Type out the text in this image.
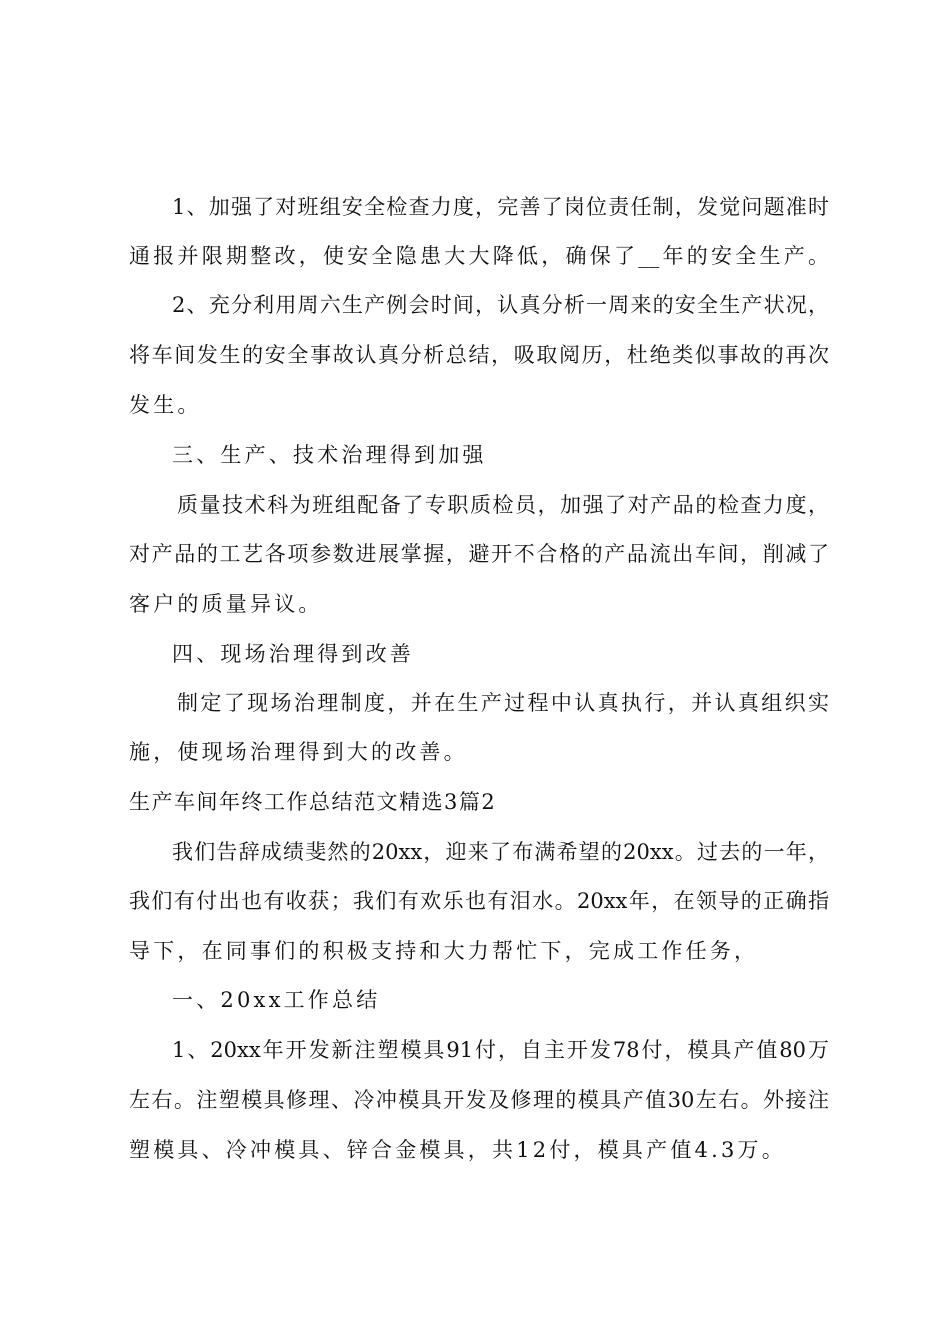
1、加强了对班组安全检查力度，完善了岗位责任制，发觉问题准时
通报并限期整改，使安全隐患大大降低，确保了__年的安全生产。
2、充分利用周六生产例会时间，认真分析一周来的安全生产状况，
将车间发生的安全事故认真分析总结，吸取阅历，杜绝类似事故的再次
发生。
三、生产、技术治理得到加强
质量技术科为班组配备了专职质检员，加强了对产品的检查力度，
对产品的工艺各项参数进展掌握，避开不合格的产品流出车间，削减了
客户的质量异议。
四、现场治理得到改善
制定了现场治理制度，并在生产过程中认真执行，并认真组织实
施，使现场治理得到大的改善。
生产车间年终工作总结范文精选3篇2
我们告辞成绩斐然的20xx，迎来了布满希望的20xx。过去的一年，
我们有付出也有收获；我们有欢乐也有泪水。20xx年，在领导的正确指
导下，在同事们的积极支持和大力帮忙下，完成工作任务，
一、20xx工作总结
1、20xx年开发新注塑模具91付，自主开发78付，模具产值80万
左右。注塑模具修理、冷冲模具开发及修理的模具产值30左右。外接注
塑模具、冷冲模具、锌合金模具，共12付，模具产值4.3万。
